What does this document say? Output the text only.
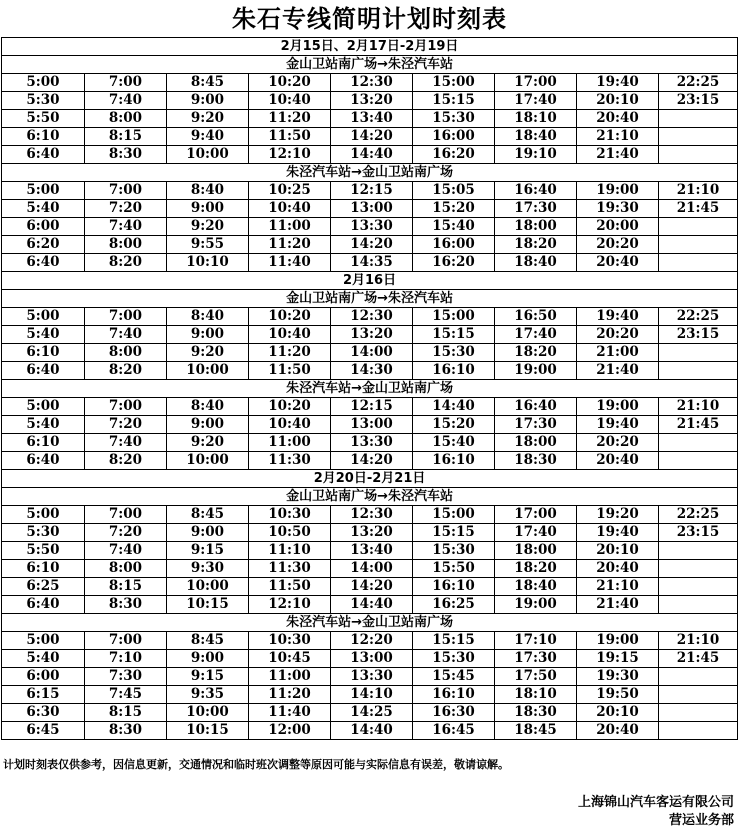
朱石专线简明计划时刻表
2月15日、2月17日-2月19日								
金山卫站南广场→朱泾汽车站								
5:00	7:00	8:45	10:20	12:30	15:00	17:00	19:40	22:25
5:30	7:40	9:00	10:40	13:20	15:15	17:40	20:10	23:15
5:50	8:00	9:20	11:20	13:40	15:30	18:10	20:40	
6:10	8:15	9:40	11:50	14:20	16:00	18:40	21:10	
6:40	8:30	10:00	12:10	14:40	16:20	19:10	21:40	
朱泾汽车站→金山卫站南广场								
5:00	7:00	8:40	10:25	12:15	15:05	16:40	19:00	21:10
5:40	7:20	9:00	10:40	13:00	15:20	17:30	19:30	21:45
6:00	7:40	9:20	11:00	13:30	15:40	18:00	20:00	
6:20	8:00	9:55	11:20	14:20	16:00	18:20	20:20	
6:40	8:20	10:10	11:40	14:35	16:20	18:40	20:40	
2月16日								
金山卫站南广场→朱泾汽车站								
5:00	7:00	8:40	10:20	12:30	15:00	16:50	19:40	22:25
5:40	7:40	9:00	10:40	13:20	15:15	17:40	20:20	23:15
6:10	8:00	9:20	11:20	14:00	15:30	18:20	21:00	
6:40	8:20	10:00	11:50	14:30	16:10	19:00	21:40	
朱泾汽车站→金山卫站南广场								
5:00	7:00	8:40	10:20	12:15	14:40	16:40	19:00	21:10
5:40	7:20	9:00	10:40	13:00	15:20	17:30	19:40	21:45
6:10	7:40	9:20	11:00	13:30	15:40	18:00	20:20	
6:40	8:20	10:00	11:30	14:20	16:10	18:30	20:40	
2月20日-2月21日								
金山卫站南广场→朱泾汽车站								
5:00	7:00	8:45	10:30	12:30	15:00	17:00	19:20	22:25
5:30	7:20	9:00	10:50	13:20	15:15	17:40	19:40	23:15
5:50	7:40	9:15	11:10	13:40	15:30	18:00	20:10	
6:10	8:00	9:30	11:30	14:00	15:50	18:20	20:40	
6:25	8:15	10:00	11:50	14:20	16:10	18:40	21:10	
6:40	8:30	10:15	12:10	14:40	16:25	19:00	21:40	
朱泾汽车站→金山卫站南广场								
5:00	7:00	8:45	10:30	12:20	15:15	17:10	19:00	21:10
5:40	7:10	9:00	10:45	13:00	15:30	17:30	19:15	21:45
6:00	7:30	9:15	11:00	13:30	15:45	17:50	19:30	
6:15	7:45	9:35	11:20	14:10	16:10	18:10	19:50	
6:30	8:15	10:00	11:40	14:25	16:30	18:30	20:10	
6:45	8:30	10:15	12:00	14:40	16:45	18:45	20:40	
计划时刻表仅供参考，因信息更新，交通情况和临时班次调整等原因可能与实际信息有误差，敬请谅解。
上海锦山汽车客运有限公司
营运业务部
